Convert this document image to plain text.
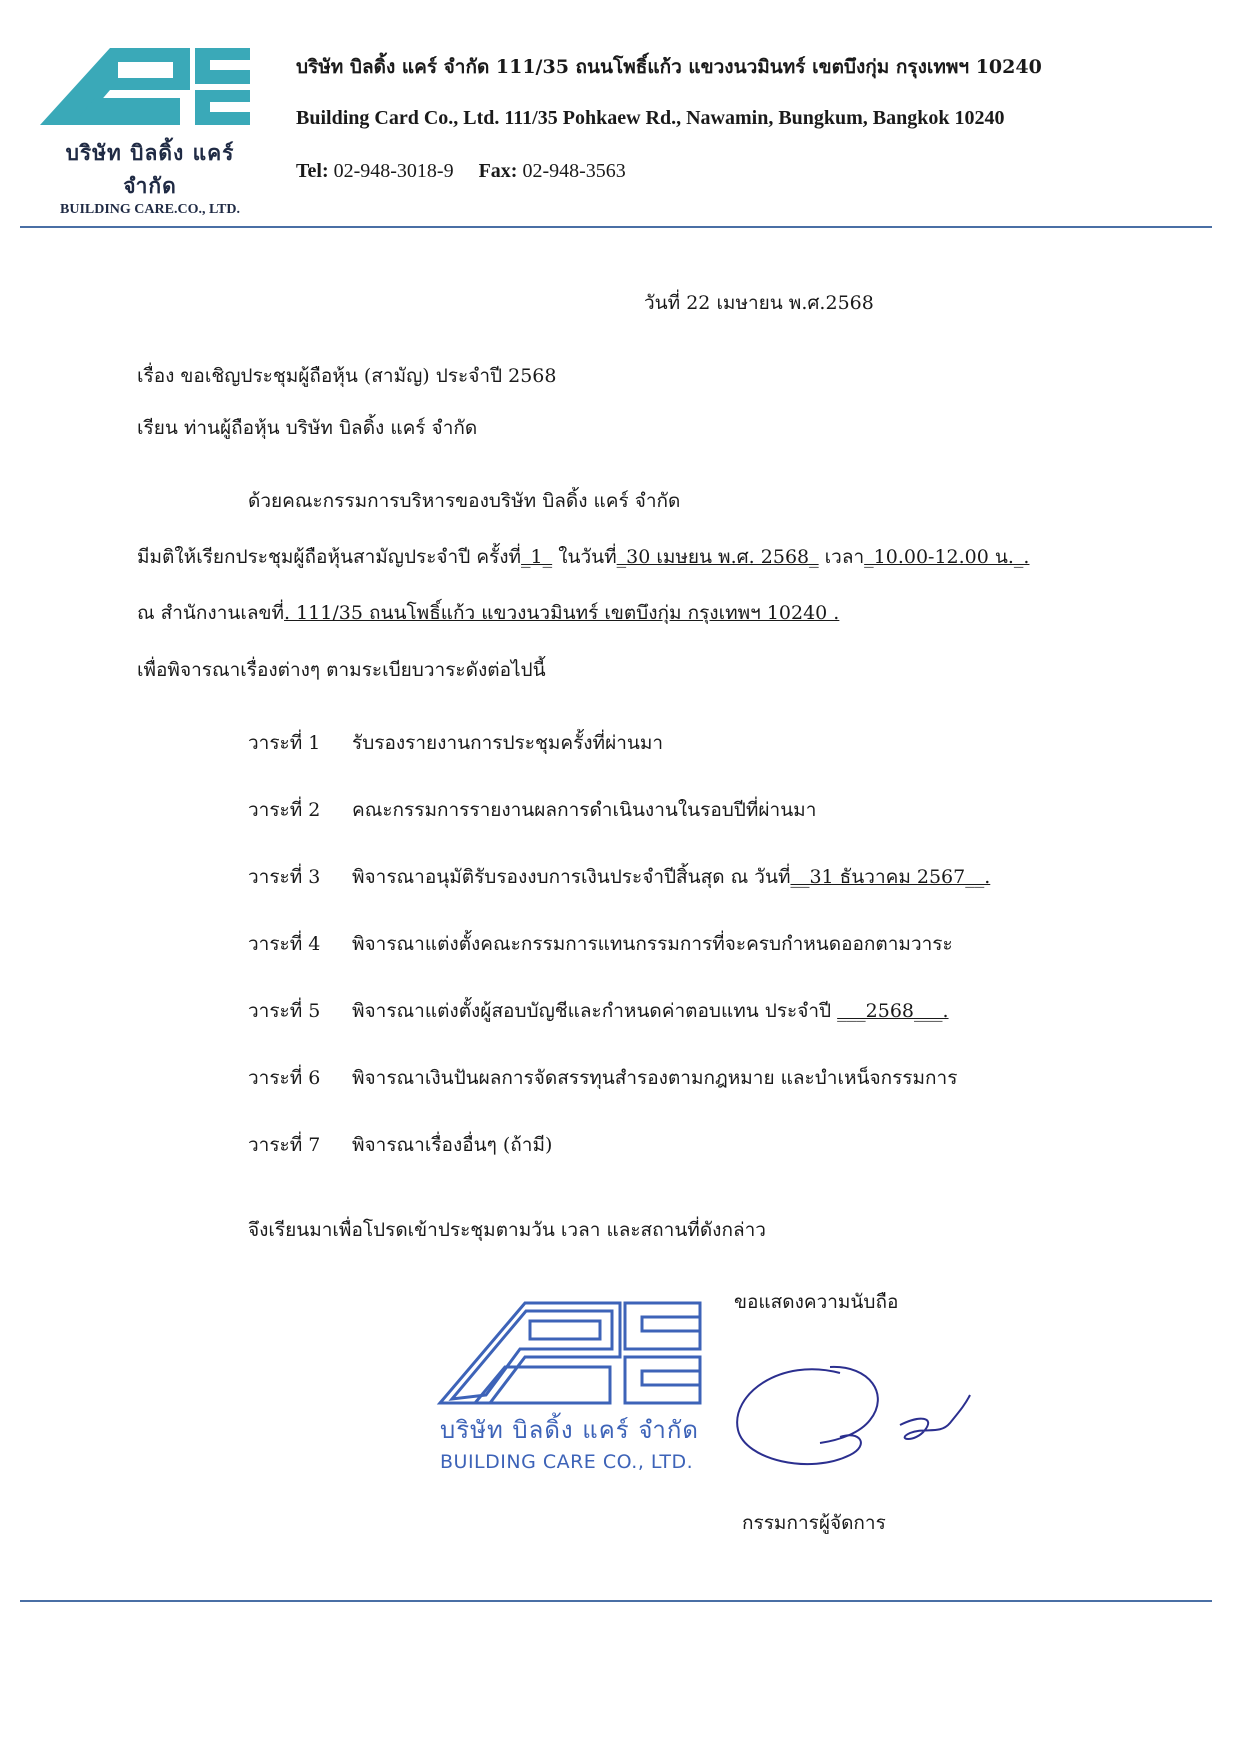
บริษัท บิลดิ้ง แคร์ จำกัด
BUILDING CARE.CO., LTD.
บริษัท บิลดิ้ง แคร์ จำกัด 111/35 ถนนโพธิ์แก้ว แขวงนวมินทร์ เขตบึงกุ่ม กรุงเทพฯ 10240
Building Card Co., Ltd. 111/35 Pohkaew Rd., Nawamin, Bungkum, Bangkok 10240
Tel: 02-948-3018-9 Fax: 02-948-3563
วันที่ 22 เมษายน พ.ศ.2568
เรื่อง ขอเชิญประชุมผู้ถือหุ้น (สามัญ) ประจำปี 2568
เรียน ท่านผู้ถือหุ้น บริษัท บิลดิ้ง แคร์ จำกัด
ด้วยคณะกรรมการบริหารของบริษัท บิลดิ้ง แคร์ จำกัด
มีมติให้เรียกประชุมผู้ถือหุ้นสามัญประจำปี ครั้งที่_1_ ในวันที่_30 เมษยน พ.ศ. 2568_ เวลา_10.00-12.00 น._.
ณ สำนักงานเลขที่. 111/35 ถนนโพธิ์แก้ว แขวงนวมินทร์ เขตบึงกุ่ม กรุงเทพฯ 10240 .
เพื่อพิจารณาเรื่องต่างๆ ตามระเบียบวาระดังต่อไปนี้
วาระที่ 1 รับรองรายงานการประชุมครั้งที่ผ่านมา
วาระที่ 2 คณะกรรมการรายงานผลการดำเนินงานในรอบปีที่ผ่านมา
วาระที่ 3 พิจารณาอนุมัติรับรองงบการเงินประจำปีสิ้นสุด ณ วันที่__31 ธันวาคม 2567__.
วาระที่ 4 พิจารณาแต่งตั้งคณะกรรมการแทนกรรมการที่จะครบกำหนดออกตามวาระ
วาระที่ 5 พิจารณาแต่งตั้งผู้สอบบัญชีและกำหนดค่าตอบแทน ประจำปี ___2568___.
วาระที่ 6 พิจารณาเงินปันผลการจัดสรรทุนสำรองตามกฎหมาย และบำเหน็จกรรมการ
วาระที่ 7 พิจารณาเรื่องอื่นๆ (ถ้ามี)
จึงเรียนมาเพื่อโปรดเข้าประชุมตามวัน เวลา และสถานที่ดังกล่าว
ขอแสดงความนับถือ
บริษัท บิลดิ้ง แคร์ จำกัด
BUILDING CARE CO., LTD.
กรรมการผู้จัดการ
